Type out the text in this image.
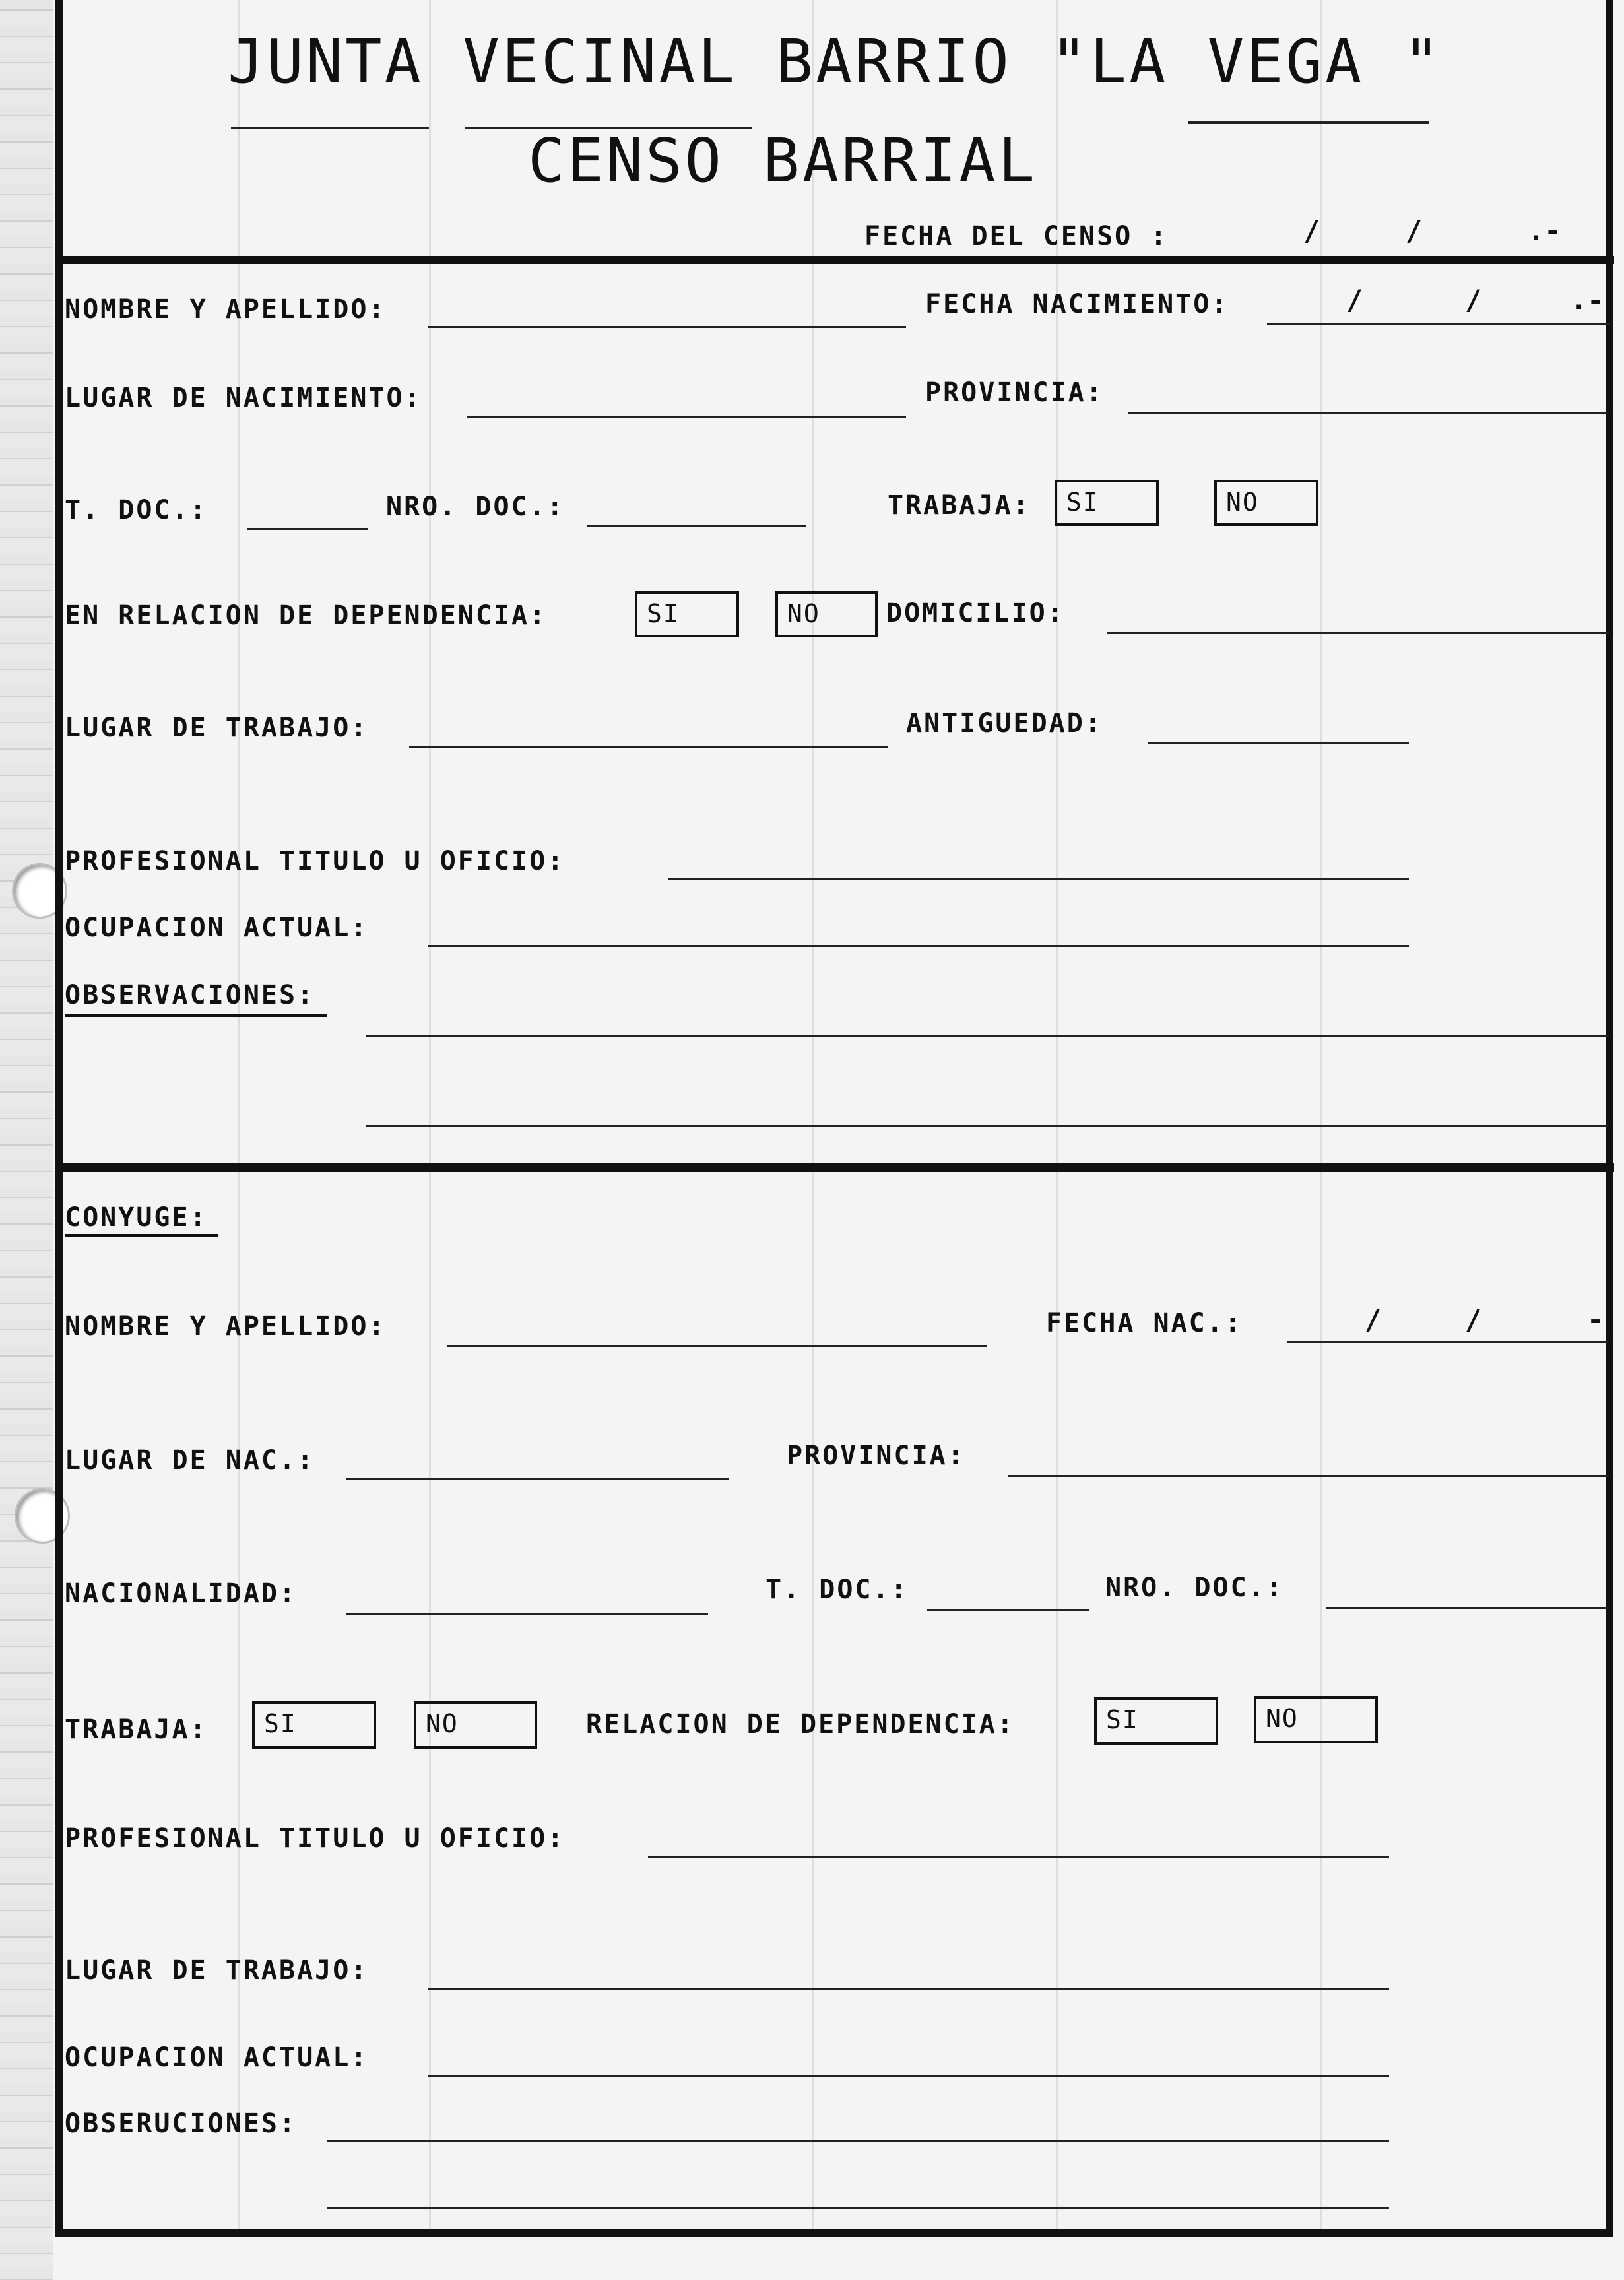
JUNTA VECINAL BARRIO "LA VEGA "
CENSO BARRIAL
FECHA DEL CENSO :	/	/	.-
NOMBRE Y APELLIDO:	FECHA NACIMIENTO:	/	/	.-
LUGAR DE NACIMIENTO:	PROVINCIA:
T. DOC.:	NRO. DOC.:	TRABAJA:	SI	NO
EN RELACION DE DEPENDENCIA:	SI	NO	DOMICILIO:
LUGAR DE TRABAJO:	ANTIGUEDAD:
PROFESIONAL TITULO U OFICIO:
OCUPACION ACTUAL:
OBSERVACIONES:
CONYUGE:
NOMBRE Y APELLIDO:	FECHA NAC.:	/	/	-
LUGAR DE NAC.:	PROVINCIA:
NACIONALIDAD:	T. DOC.:	NRO. DOC.:
TRABAJA:	SI	NO	RELACION DE DEPENDENCIA:	SI	NO
PROFESIONAL TITULO U OFICIO:
LUGAR DE TRABAJO:
OCUPACION ACTUAL:
OBSERUCIONES:
